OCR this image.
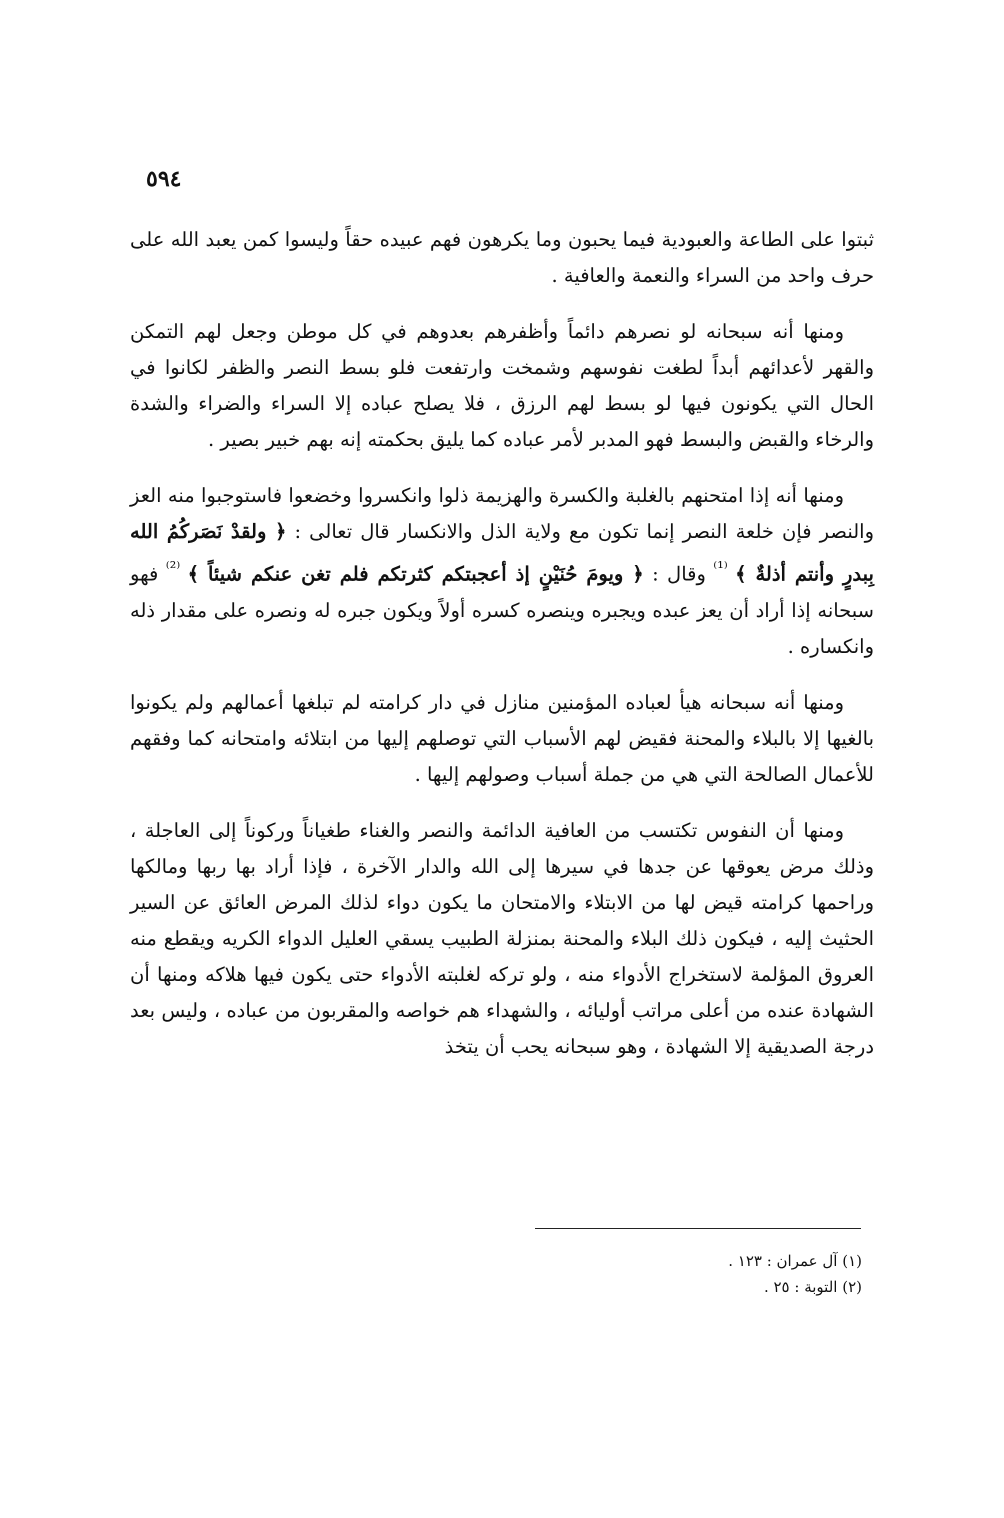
٥٩٤

ثبتوا على الطاعة والعبودية فيما يحبون وما يكرهون فهم عبيده حقاً وليسوا كمن يعبد الله على حرف واحد من السراء والنعمة والعافية .

ومنها أنه سبحانه لو نصرهم دائماً وأظفرهم بعدوهم في كل موطن وجعل لهم التمكن والقهر لأعدائهم أبداً لطغت نفوسهم وشمخت وارتفعت فلو بسط النصر والظفر لكانوا في الحال التي يكونون فيها لو بسط لهم الرزق ، فلا يصلح عباده إلا السراء والضراء والشدة والرخاء والقبض والبسط فهو المدبر لأمر عباده كما يليق بحكمته إنه بهم خبير بصير .

ومنها أنه إذا امتحنهم بالغلبة والكسرة والهزيمة ذلوا وانكسروا وخضعوا فاستوجبوا منه العز والنصر فإن خلعة النصر إنما تكون مع ولاية الذل والانكسار قال تعالى : ﴿ ولقدْ نَصَركُمُ الله بِبدرٍ وأنتم أذلةٌ ﴾ $^{^{(1)}}$ وقال : ﴿ ويومَ حُنَيْنٍ إذ أعجبتكم كثرتكم فلم تغن عنكم شيئاً ﴾ $^{^{(2)}}$ فهو سبحانه إذا أراد أن يعز عبده ويجبره وينصره كسره أولاً ويكون جبره له ونصره على مقدار ذله وانكساره .

ومنها أنه سبحانه هيأ لعباده المؤمنين منازل في دار كرامته لم تبلغها أعمالهم ولم يكونوا بالغيها إلا بالبلاء والمحنة فقيض لهم الأسباب التي توصلهم إليها من ابتلائه وامتحانه كما وفقهم للأعمال الصالحة التي هي من جملة أسباب وصولهم إليها .

ومنها أن النفوس تكتسب من العافية الدائمة والنصر والغناء طغياناً وركوناً إلى العاجلة ، وذلك مرض يعوقها عن جدها في سيرها إلى الله والدار الآخرة ، فإذا أراد بها ربها ومالكها وراحمها كرامته قيض لها من الابتلاء والامتحان ما يكون دواء لذلك المرض العائق عن السير الحثيث إليه ، فيكون ذلك البلاء والمحنة بمنزلة الطبيب يسقي العليل الدواء الكريه ويقطع منه العروق المؤلمة لاستخراج الأدواء منه ، ولو تركه لغلبته الأدواء حتى يكون فيها هلاكه ومنها أن الشهادة عنده من أعلى مراتب أوليائه ، والشهداء هم خواصه والمقربون من عباده ، وليس بعد درجة الصديقية إلا الشهادة ، وهو سبحانه يحب أن يتخذ

(١) آل عمران : ١٢٣ .
(٢) التوبة : ٢٥ .
